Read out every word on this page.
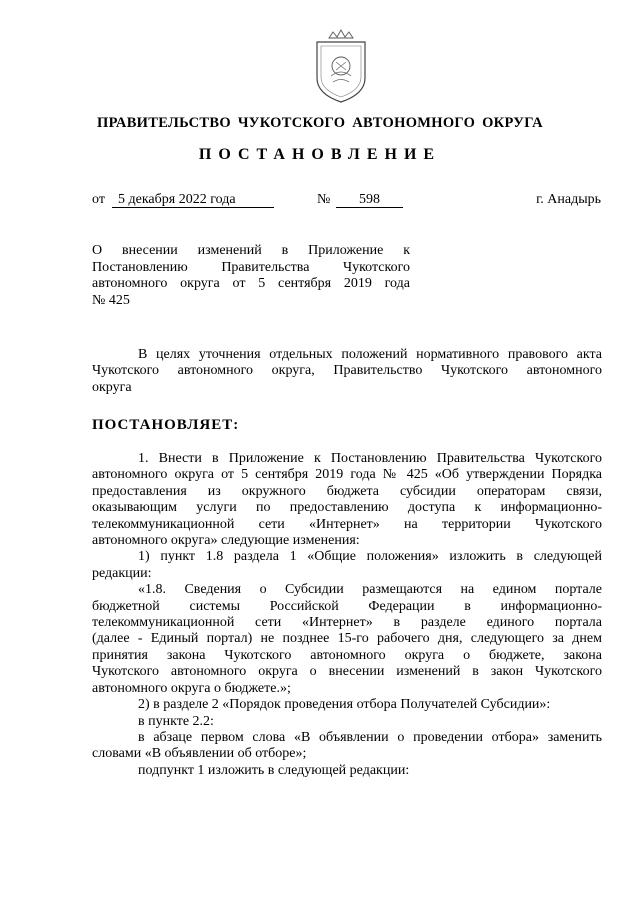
ПРАВИТЕЛЬСТВО ЧУКОТСКОГО АВТОНОМНОГО ОКРУГА
ПОСТАНОВЛЕНИЕ
от 5 декабря 2022 года	№	598	г. Анадырь
О внесении изменений в Приложение к
Постановлению Правительства Чукотского
автономного округа от 5 сентября 2019 года
№ 425
В целях уточнения отдельных положений нормативного правового акта
Чукотского автономного округа, Правительство Чукотского автономного
округа
ПОСТАНОВЛЯЕТ:
1. Внести в Приложение к Постановлению Правительства Чукотского
автономного округа от 5 сентября 2019 года № 425 «Об утверждении Порядка
предоставления из окружного бюджета субсидии операторам связи,
оказывающим услуги по предоставлению доступа к информационно-
телекоммуникационной сети «Интернет» на территории Чукотского
автономного округа» следующие изменения:
1) пункт 1.8 раздела 1 «Общие положения» изложить в следующей
редакции:
«1.8. Сведения о Субсидии размещаются на едином портале
бюджетной системы Российской Федерации в информационно-
телекоммуникационной сети «Интернет» в разделе единого портала
(далее - Единый портал) не позднее 15-го рабочего дня, следующего за днем
принятия закона Чукотского автономного округа о бюджете, закона
Чукотского автономного округа о внесении изменений в закон Чукотского
автономного округа о бюджете.»;
2) в разделе 2 «Порядок проведения отбора Получателей Субсидии»:
в пункте 2.2:
в абзаце первом слова «В объявлении о проведении отбора» заменить
словами «В объявлении об отборе»;
подпункт 1 изложить в следующей редакции:
